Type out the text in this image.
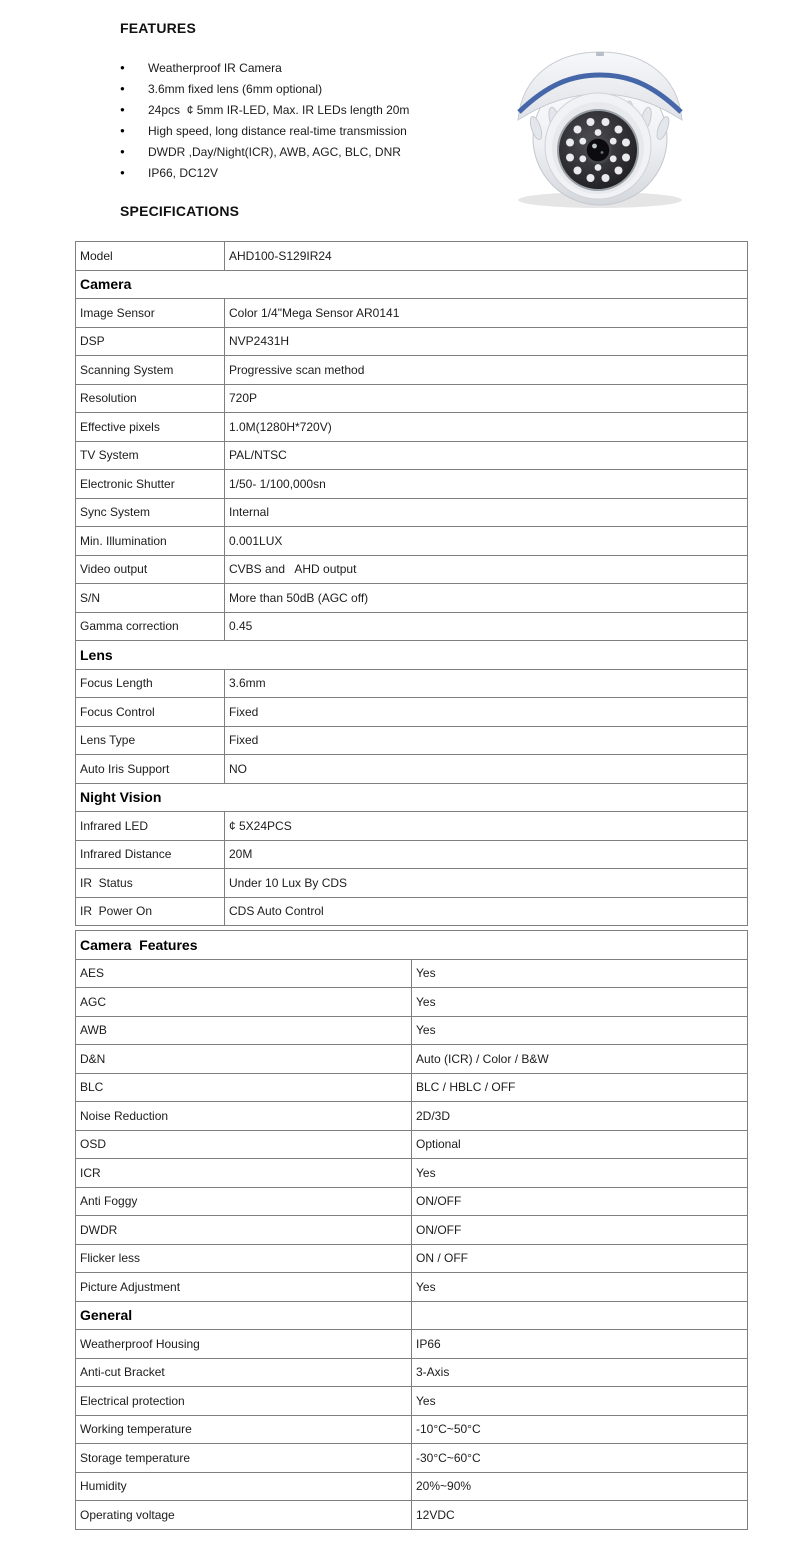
FEATURES
●	Weatherproof IR Camera
●	3.6mm fixed lens (6mm optional)
●	24pcs  ¢ 5mm IR-LED, Max. IR LEDs length 20m
●	High speed, long distance real-time transmission
●	DWDR ,Day/Night(ICR), AWB, AGC, BLC, DNR
●	IP66, DC12V
SPECIFICATIONS
Model	AHD100-S129IR24
Camera	
Image Sensor	Color 1/4"Mega Sensor AR0141
DSP	NVP2431H
Scanning System	Progressive scan method
Resolution	720P
Effective pixels	1.0M(1280H*720V)
TV System	PAL/NTSC
Electronic Shutter	1/50- 1/100,000sn
Sync System	Internal
Min. Illumination	0.001LUX
Video output	CVBS and   AHD output
S/N	More than 50dB (AGC off)
Gamma correction	0.45
Lens	
Focus Length	3.6mm
Focus Control	Fixed
Lens Type	Fixed
Auto Iris Support	NO
Night Vision	
Infrared LED	¢ 5X24PCS
Infrared Distance	20M
IR  Status	Under 10 Lux By CDS
IR  Power On	CDS Auto Control
Camera  Features	
AES	Yes
AGC	Yes
AWB	Yes
D&N	Auto (ICR) / Color / B&W
BLC	BLC / HBLC / OFF
Noise Reduction	2D/3D
OSD	Optional
ICR	Yes
Anti Foggy	ON/OFF
DWDR	ON/OFF
Flicker less	ON / OFF
Picture Adjustment	Yes
General	
Weatherproof Housing	IP66
Anti-cut Bracket	3-Axis
Electrical protection	Yes
Working temperature	-10°C~50°C
Storage temperature	-30°C~60°C
Humidity	20%~90%
Operating voltage	12VDC
